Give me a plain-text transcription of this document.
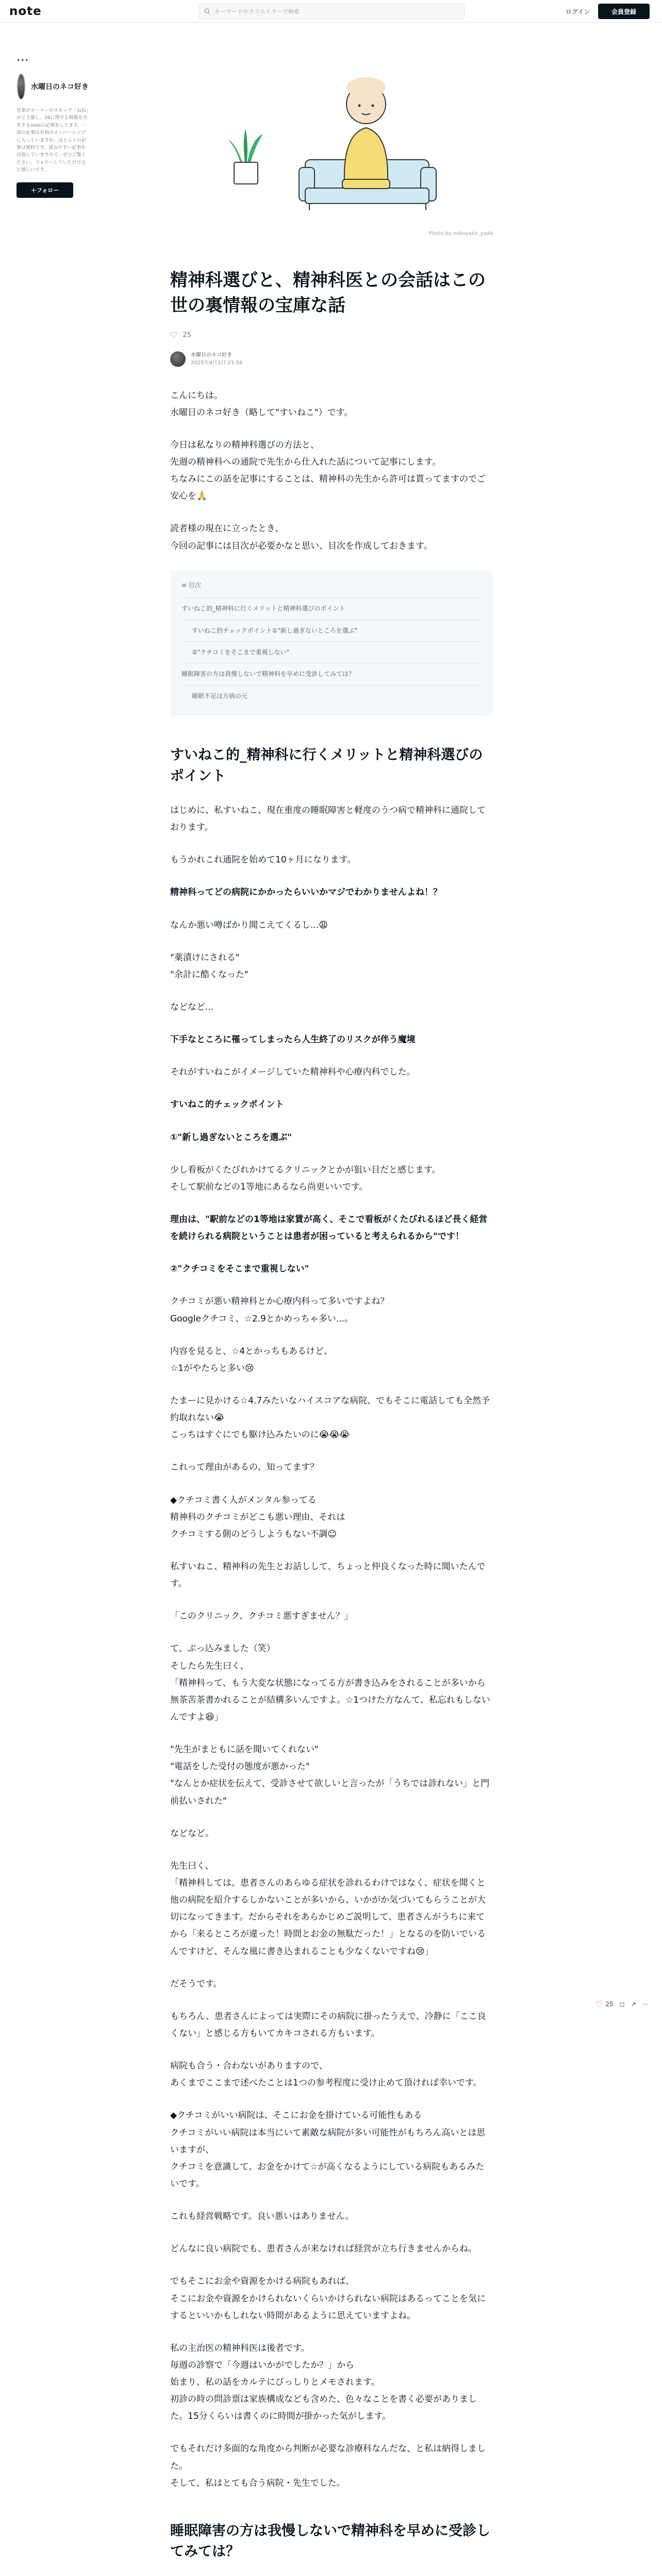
note	キーワードやクリエイターで検索	ログイン	会員登録
•••
水曜日のネコ好き
営業がオーナーのスモッグ「ねね」がご主催し、26に関する情報を共有するnoteの記事をしてます。一部の記事は有料のメンバーシップに入っていますが、ほとんどの記事は無料です。読みやすい記事を目指していますので、ぜひご覧ください。フォローしていただけると嬉しいです。
＋ フォロー
Photo by nokoyaka_yada
精神科選びと、精神科医との会話はこの世の裏情報の宝庫な話
♡ 25
水曜日のネコ好き
2025年4月3日 21:54

こんにちは。
水曜日のネコ好き（略して"すいねこ"）です。

今日は私なりの精神科選びの方法と、
先週の精神科への通院で先生から仕入れた話について記事にします。
ちなみにこの話を記事にすることは、精神科の先生から許可は貰ってますのでご安心を🙏

読者様の現在に立ったとき、
今回の記事には目次が必要かなと思い、目次を作成しておきます。

≡ 目次
すいねこ的_精神科に行くメリットと精神科選びのポイント
すいねこ的チェックポイント①"新し過ぎないところを選ぶ"
②"クチコミをそこまで重視しない"
睡眠障害の方は我慢しないで精神科を早めに受診してみては？
睡眠不足は万病の元
すいねこ的_精神科に行くメリットと精神科選びのポイント

はじめに、私すいねこ、現在重度の睡眠障害と軽度のうつ病で精神科に通院しております。

もうかれこれ通院を始めて10ヶ月になります。

精神科ってどの病院にかかったらいいかマジでわかりませんよね！？

なんか悪い噂ばかり聞こえてくるし...😩

"薬漬けにされる"
"余計に酷くなった"

などなど...

下手なところに罹ってしまったら人生終了のリスクが伴う魔境

それがすいねこがイメージしていた精神科や心療内科でした。

すいねこ的チェックポイント

①"新し過ぎないところを選ぶ"

少し看板がくたびれかけてるクリニックとかが狙い目だと感じます。
そして駅前などの1等地にあるなら尚更いいです。

理由は、"駅前などの1等地は家賃が高く、そこで看板がくたびれるほど長く経営を続けられる病院ということは患者が困っていると考えられるから"です！

②"クチコミをそこまで重視しない"

クチコミが悪い精神科とか心療内科って多いですよね？
Googleクチコミ、☆2.9とかめっちゃ多い...。

内容を見ると、☆4とかっちもあるけど、
☆1がやたらと多い😢

たまーに見かける☆4.7みたいなハイスコアな病院、でもそこに電話しても全然予約取れない😭
こっちはすぐにでも駆け込みたいのに😭😭😭

これって理由があるの、知ってます？

◆クチコミ書く人がメンタル参ってる
精神科のクチコミがどこも悪い理由、それは
クチコミする側のどうしようもない不調☺

私すいねこ、精神科の先生とお話しして、ちょっと仲良くなった時に聞いたんです。

「このクリニック、クチコミ悪すぎません？」

て、ぶっ込みました（笑）
そしたら先生曰く、
「精神科って、もう大変な状態になってる方が書き込みをされることが多いから無茶苦茶書かれることが結構多いんですよ。☆1つけた方なんて、私忘れもしないんですよ😆」

"先生がまともに話を聞いてくれない"
"電話をした受付の態度が悪かった"
"なんとか症状を伝えて、受診させて欲しいと言ったが「うちでは診れない」と門前払いされた"

などなど。

先生曰く、
「精神科しては、患者さんのあらゆる症状を診れるわけではなく、症状を聞くと他の病院を紹介するしかないことが多いから、いかがか気づいてもらうことが大切になってきます。だからそれをあらかじめご説明して、患者さんがうちに来てから「来るところが違った！時間とお金の無駄だった！」となるのを防いでいるんですけど、そんな風に書き込まれることも少なくないですね😢」

だそうです。

もちろん、患者さんによっては実際にその病院に掛ったうえで、冷静に「ここ良くない」と感じる方もいてカキコされる方もいます。

病院も合う・合わないがありますので、
あくまでここまで述べたことは1つの参考程度に受け止めて頂ければ幸いです。

◆クチコミがいい病院は、そこにお金を掛けている可能性もある
クチコミがいい病院は本当にいて素敵な病院が多い可能性がもちろん高いとは思いますが、
クチコミを意識して、お金をかけて☆が高くなるようにしている病院もあるみたいです。

これも経営戦略です。良い悪いはありません。

どんなに良い病院でも、患者さんが来なければ経営が立ち行きませんからね。

でもそこにお金や資源をかける病院もあれば、
そこにお金や資源をかけられないくらいかけられない病院はあるってことを気にするといいかもしれない時間があるように思えていますよね。

私の主治医の精神科医は後者です。
毎週の診察で「今週はいかがでしたか？」から
始まり、私の話をカルテにびっしりとメモされます。
初診の時の問診票は家族構成なども含めた、色々なことを書く必要がありました。15分くらいは書くのに時間が掛かった気がします。

でもそれだけ多面的な角度から判断が必要な診療科なんだな、と私は納得しました。
そして、私はとても合う病院・先生でした。

睡眠障害の方は我慢しないで精神科を早めに受診してみては？

♡ 25 ◻ ↗ ⋯
